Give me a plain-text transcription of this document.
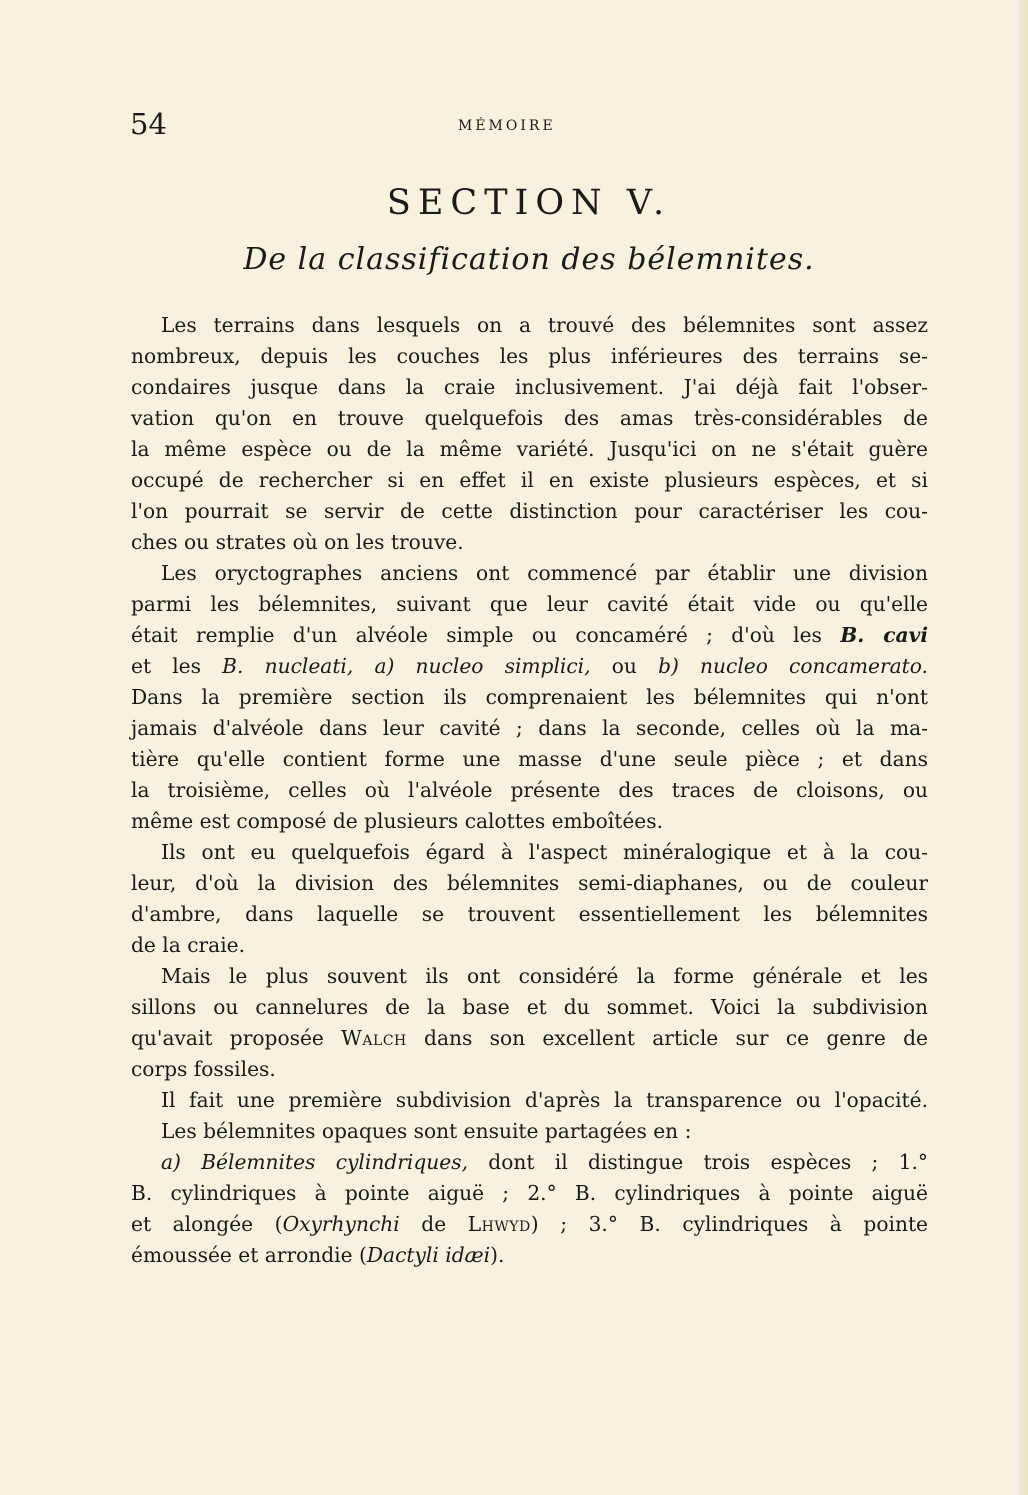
54	MÉMOIRE
SECTION V.
De la classification des bélemnites.
Les terrains dans lesquels on a trouvé des bélemnites sont assez
nombreux, depuis les couches les plus inférieures des terrains se-
condaires jusque dans la craie inclusivement. J'ai déjà fait l'obser-
vation qu'on en trouve quelquefois des amas très-considérables de
la même espèce ou de la même variété. Jusqu'ici on ne s'était guère
occupé de rechercher si en effet il en existe plusieurs espèces, et si
l'on pourrait se servir de cette distinction pour caractériser les cou-
ches ou strates où on les trouve.
Les oryctographes anciens ont commencé par établir une division
parmi les bélemnites, suivant que leur cavité était vide ou qu'elle
était remplie d'un alvéole simple ou concaméré ; d'où les B. cavi
et les B. nucleati, a) nucleo simplici, ou b) nucleo concamerato.
Dans la première section ils comprenaient les bélemnites qui n'ont
jamais d'alvéole dans leur cavité ; dans la seconde, celles où la ma-
tière qu'elle contient forme une masse d'une seule pièce ; et dans
la troisième, celles où l'alvéole présente des traces de cloisons, ou
même est composé de plusieurs calottes emboîtées.
Ils ont eu quelquefois égard à l'aspect minéralogique et à la cou-
leur, d'où la division des bélemnites semi-diaphanes, ou de couleur
d'ambre, dans laquelle se trouvent essentiellement les bélemnites
de la craie.
Mais le plus souvent ils ont considéré la forme générale et les
sillons ou cannelures de la base et du sommet. Voici la subdivision
qu'avait proposée Walch dans son excellent article sur ce genre de
corps fossiles.
Il fait une première subdivision d'après la transparence ou l'opacité.
Les bélemnites opaques sont ensuite partagées en :
a) Bélemnites cylindriques, dont il distingue trois espèces ; 1.°
B. cylindriques à pointe aiguë ; 2.° B. cylindriques à pointe aiguë
et alongée (Oxyrhynchi de Lhwyd) ; 3.° B. cylindriques à pointe
émoussée et arrondie (Dactyli idæi).
